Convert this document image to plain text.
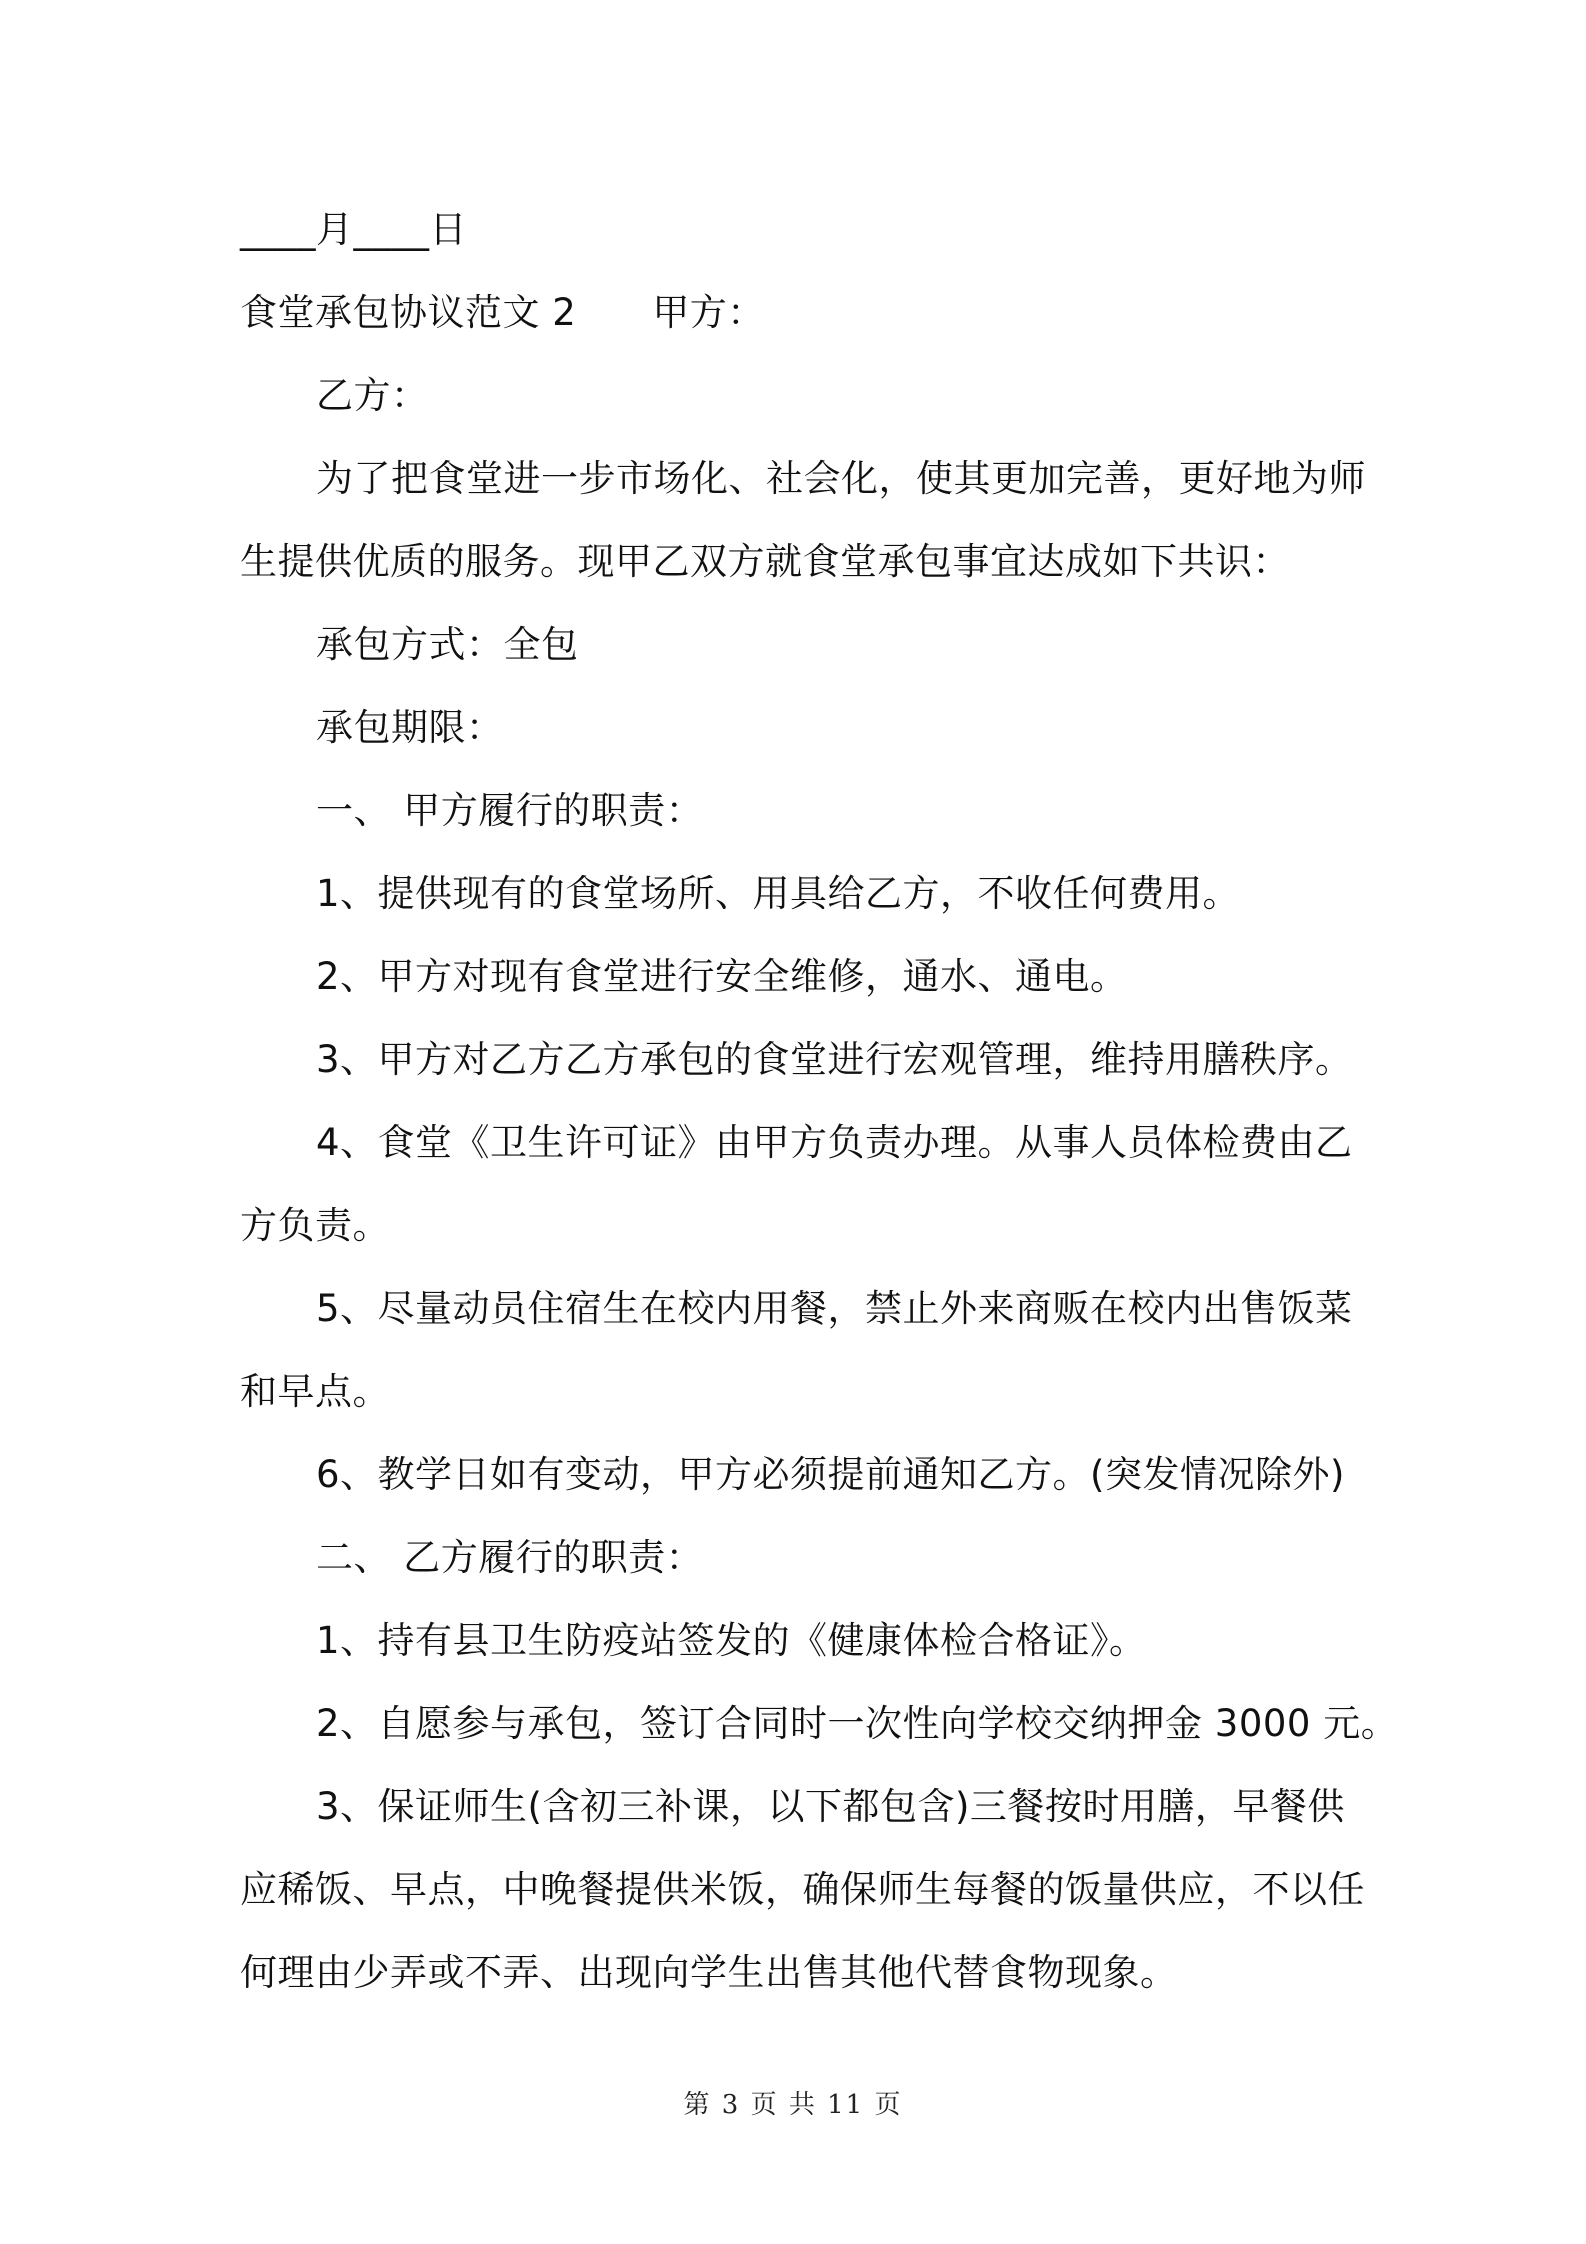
____月____日
食堂承包协议范文 2 甲方：
乙方：
为了把食堂进一步市场化、社会化，使其更加完善，更好地为师
生提供优质的服务。现甲乙双方就食堂承包事宜达成如下共识：
承包方式：全包
承包期限：
一、 甲方履行的职责：
1、提供现有的食堂场所、用具给乙方，不收任何费用。
2、甲方对现有食堂进行安全维修，通水、通电。
3、甲方对乙方乙方承包的食堂进行宏观管理，维持用膳秩序。
4、食堂《卫生许可证》由甲方负责办理。从事人员体检费由乙
方负责。
5、尽量动员住宿生在校内用餐，禁止外来商贩在校内出售饭菜
和早点。
6、教学日如有变动，甲方必须提前通知乙方。(突发情况除外)
二、 乙方履行的职责：
1、持有县卫生防疫站签发的《健康体检合格证》。
2、自愿参与承包，签订合同时一次性向学校交纳押金 3000 元。
3、保证师生(含初三补课，以下都包含)三餐按时用膳，早餐供
应稀饭、早点，中晚餐提供米饭，确保师生每餐的饭量供应，不以任
何理由少弄或不弄、出现向学生出售其他代替食物现象。
第 3 页 共 11 页
